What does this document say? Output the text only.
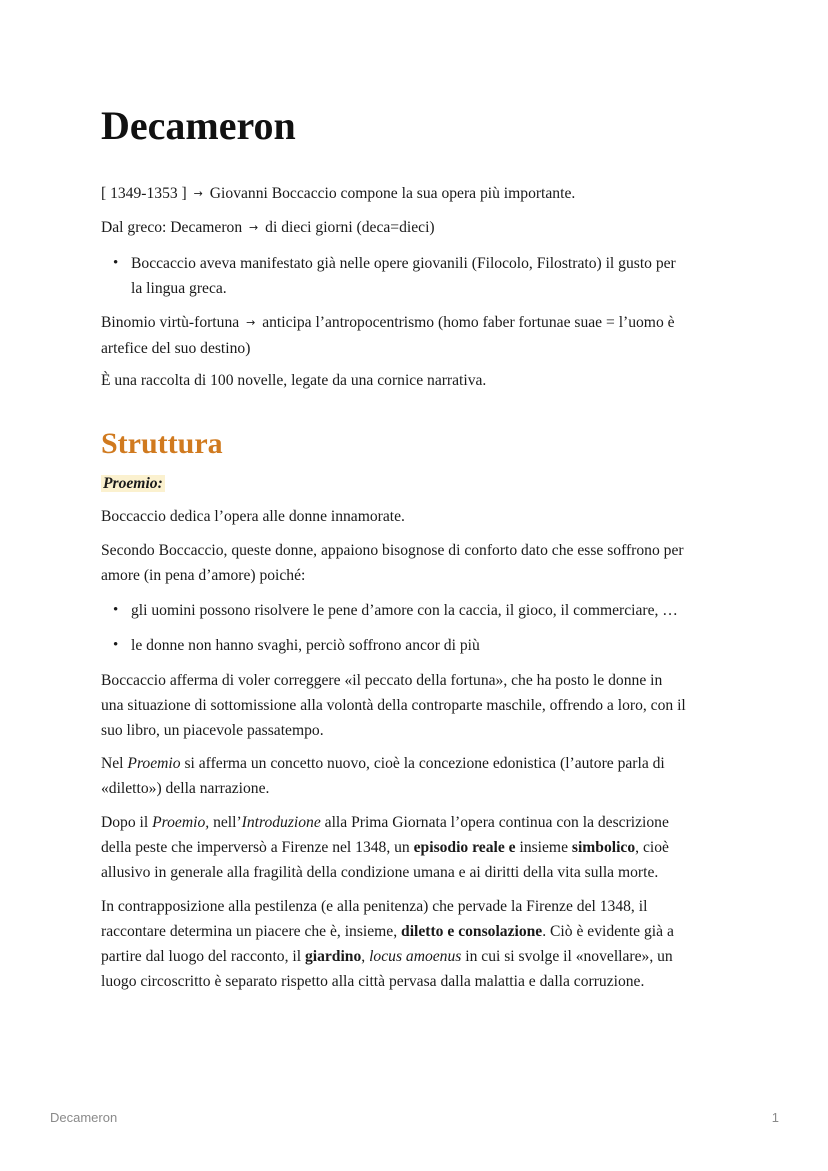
Decameron
[ 1349-1353 ] → Giovanni Boccaccio compone la sua opera più importante.
Dal greco: Decameron → di dieci giorni (deca=dieci)
• Boccaccio aveva manifestato già nelle opere giovanili (Filocolo, Filostrato) il gusto per
la lingua greca.
Binomio virtù-fortuna → anticipa l’antropocentrismo (homo faber fortunae suae = l’uomo è
artefice del suo destino)
È una raccolta di 100 novelle, legate da una cornice narrativa.
Struttura
Proemio:
Boccaccio dedica l’opera alle donne innamorate.
Secondo Boccaccio, queste donne, appaiono bisognose di conforto dato che esse soffrono per
amore (in pena d’amore) poiché:
• gli uomini possono risolvere le pene d’amore con la caccia, il gioco, il commerciare, …
• le donne non hanno svaghi, perciò soffrono ancor di più
Boccaccio afferma di voler correggere «il peccato della fortuna», che ha posto le donne in
una situazione di sottomissione alla volontà della controparte maschile, offrendo a loro, con il
suo libro, un piacevole passatempo.
Nel Proemio si afferma un concetto nuovo, cioè la concezione edonistica (l’autore parla di
«diletto») della narrazione.
Dopo il Proemio, nell’Introduzione alla Prima Giornata l’opera continua con la descrizione
della peste che imperversò a Firenze nel 1348, un episodio reale e insieme simbolico, cioè
allusivo in generale alla fragilità della condizione umana e ai diritti della vita sulla morte.
In contrapposizione alla pestilenza (e alla penitenza) che pervade la Firenze del 1348, il
raccontare determina un piacere che è, insieme, diletto e consolazione. Ciò è evidente già a
partire dal luogo del racconto, il giardino, locus amoenus in cui si svolge il «novellare», un
luogo circoscritto è separato rispetto alla città pervasa dalla malattia e dalla corruzione.
Decameron	1
